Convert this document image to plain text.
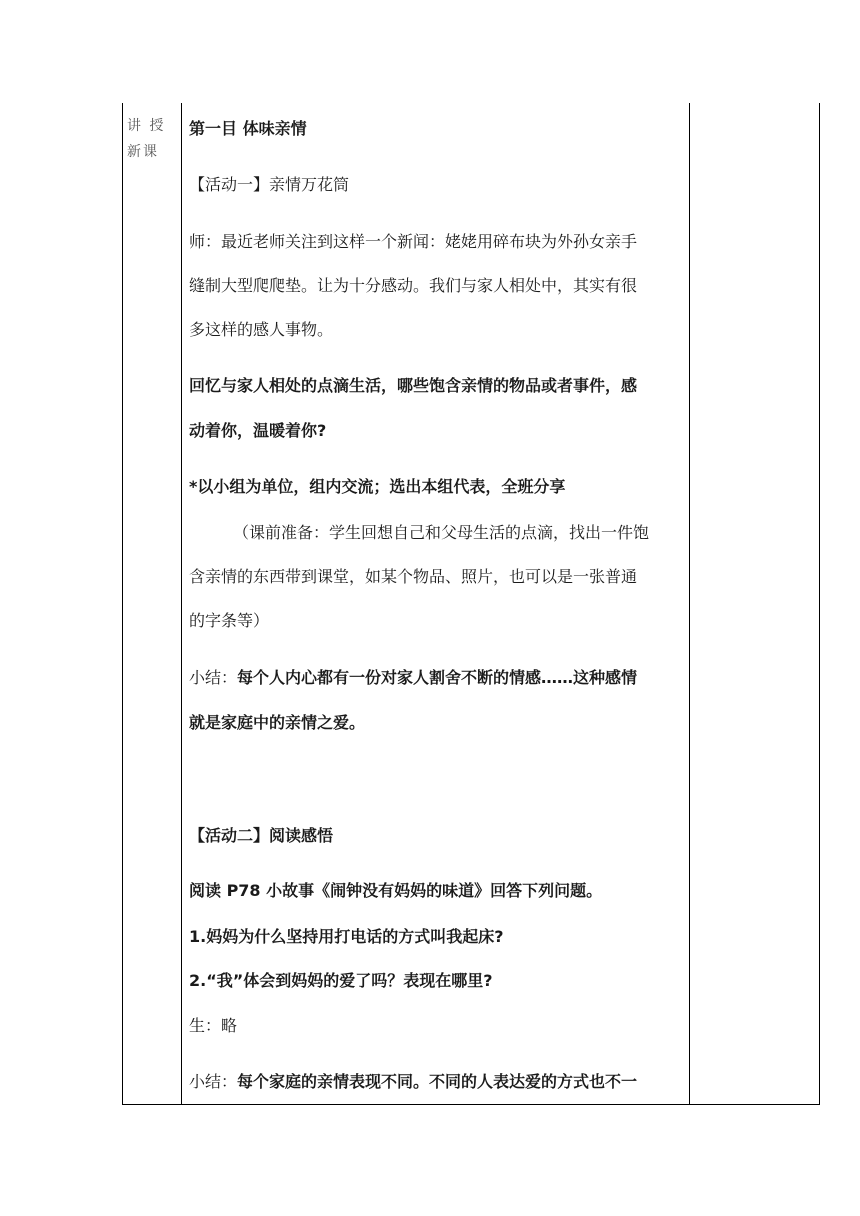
讲 授
新课
第一目 体味亲情
【活动一】亲情万花筒
师：最近老师关注到这样一个新闻：姥姥用碎布块为外孙女亲手
缝制大型爬爬垫。让为十分感动。我们与家人相处中，其实有很
多这样的感人事物。
回忆与家人相处的点滴生活，哪些饱含亲情的物品或者事件，感
动着你，温暖着你?
*以小组为单位，组内交流；选出本组代表，全班分享
（课前准备：学生回想自己和父母生活的点滴，找出一件饱
含亲情的东西带到课堂，如某个物品、照片，也可以是一张普通
的字条等）
小结：每个人内心都有一份对家人割舍不断的情感……这种感情
就是家庭中的亲情之爱。
【活动二】阅读感悟
阅读 P78 小故事《闹钟没有妈妈的味道》回答下列问题。
1.妈妈为什么坚持用打电话的方式叫我起床?
2.“我”体会到妈妈的爱了吗？表现在哪里?
生：略
小结：每个家庭的亲情表现不同。不同的人表达爱的方式也不一
